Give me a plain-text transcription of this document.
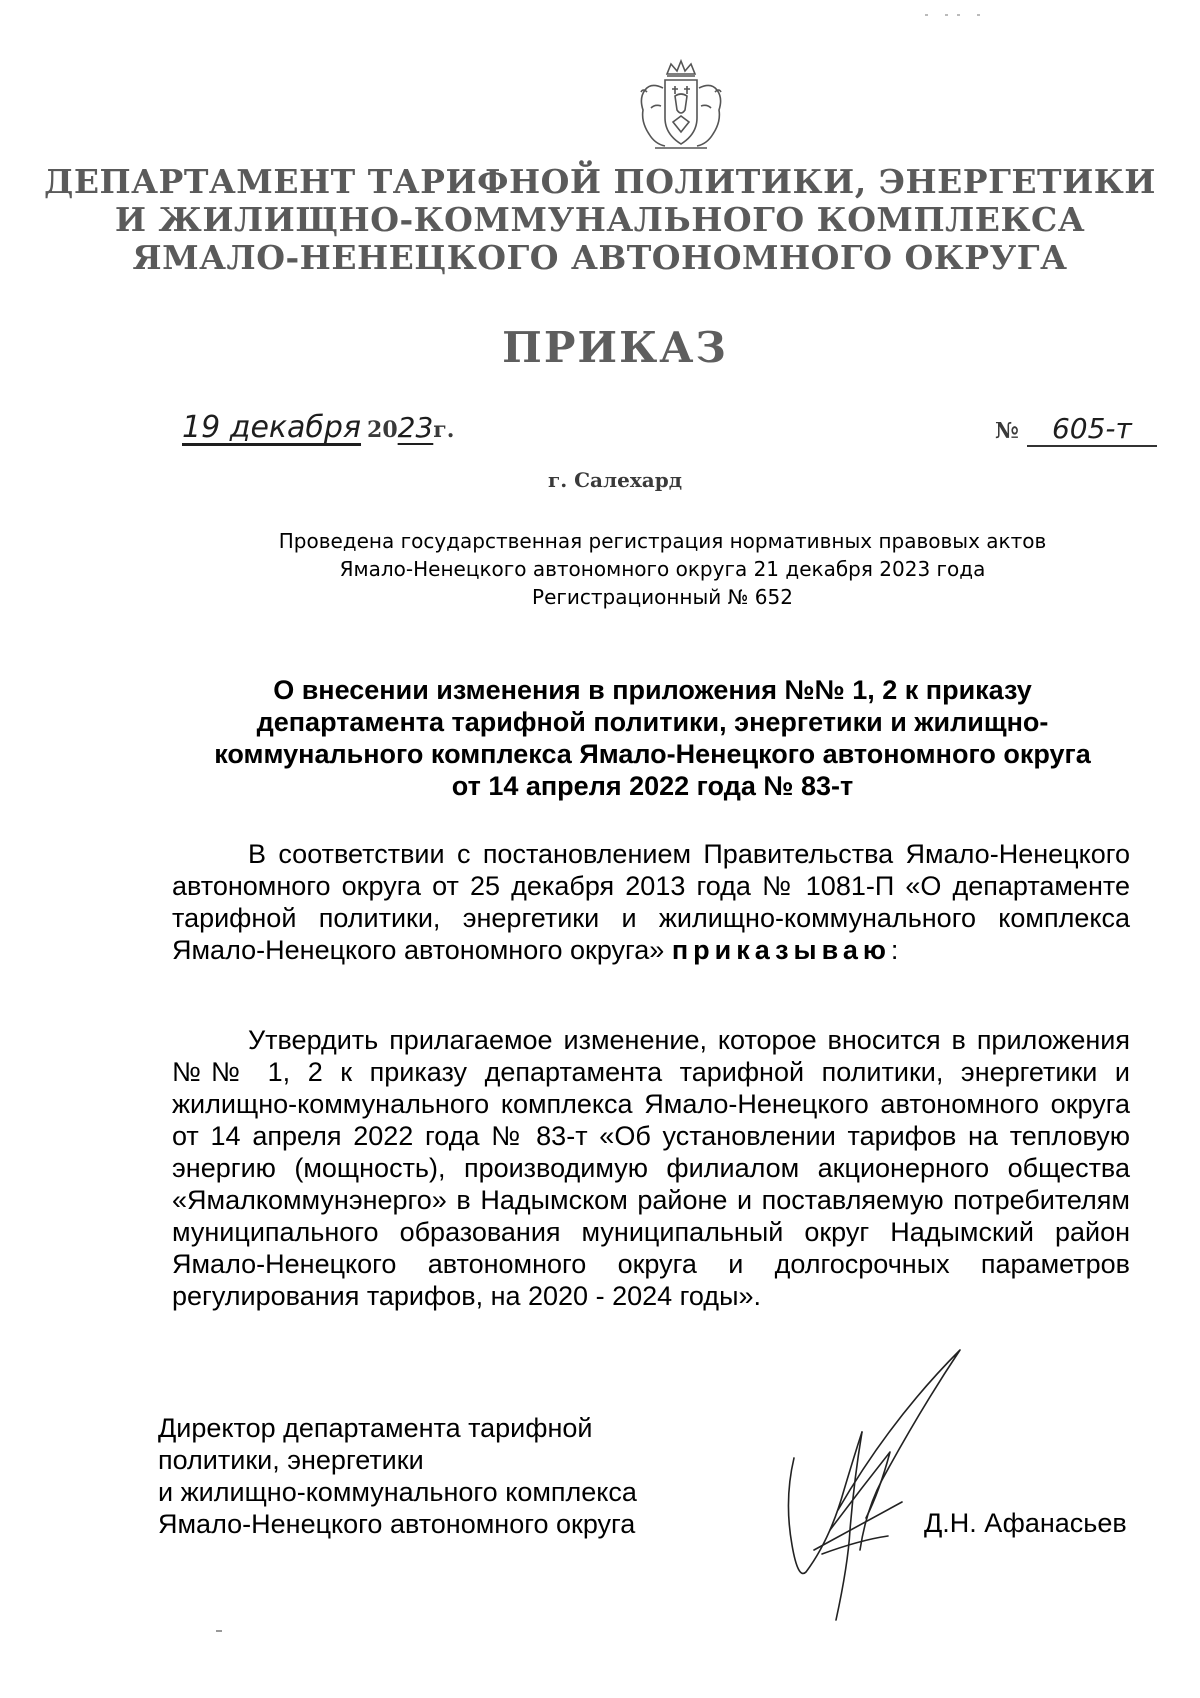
ДЕПАРТАМЕНТ ТАРИФНОЙ ПОЛИТИКИ, ЭНЕРГЕТИКИ
И ЖИЛИЩНО-КОММУНАЛЬНОГО КОМПЛЕКСА
ЯМАЛО-НЕНЕЦКОГО АВТОНОМНОГО ОКРУГА
ПРИКАЗ
19 декабря 2023г.	№ 605-т
г. Салехард
Проведена государственная регистрация нормативных правовых актов
Ямало-Ненецкого автономного округа 21 декабря 2023 года
Регистрационный № 652
О внесении изменения в приложения №№ 1, 2 к приказу
департамента тарифной политики, энергетики и жилищно-
коммунального комплекса Ямало-Ненецкого автономного округа
от 14 апреля 2022 года № 83-т
В соответствии с постановлением Правительства Ямало-Ненецкого автономного округа от 25 декабря 2013 года № 1081-П «О департаменте тарифной политики, энергетики и жилищно-коммунального комплекса Ямало-Ненецкого автономного округа» приказываю:
Утвердить прилагаемое изменение, которое вносится в приложения №№ 1, 2 к приказу департамента тарифной политики, энергетики и жилищно-коммунального комплекса Ямало-Ненецкого автономного округа от 14 апреля 2022 года № 83-т «Об установлении тарифов на тепловую энергию (мощность), производимую филиалом акционерного общества «Ямалкоммунэнерго» в Надымском районе и поставляемую потребителям муниципального образования муниципальный округ Надымский район Ямало-Ненецкого автономного округа и долгосрочных параметров регулирования тарифов, на 2020 - 2024 годы».
Директор департамента тарифной
политики, энергетики
и жилищно-коммунального комплекса
Ямало-Ненецкого автономного округа	Д.Н. Афанасьев
